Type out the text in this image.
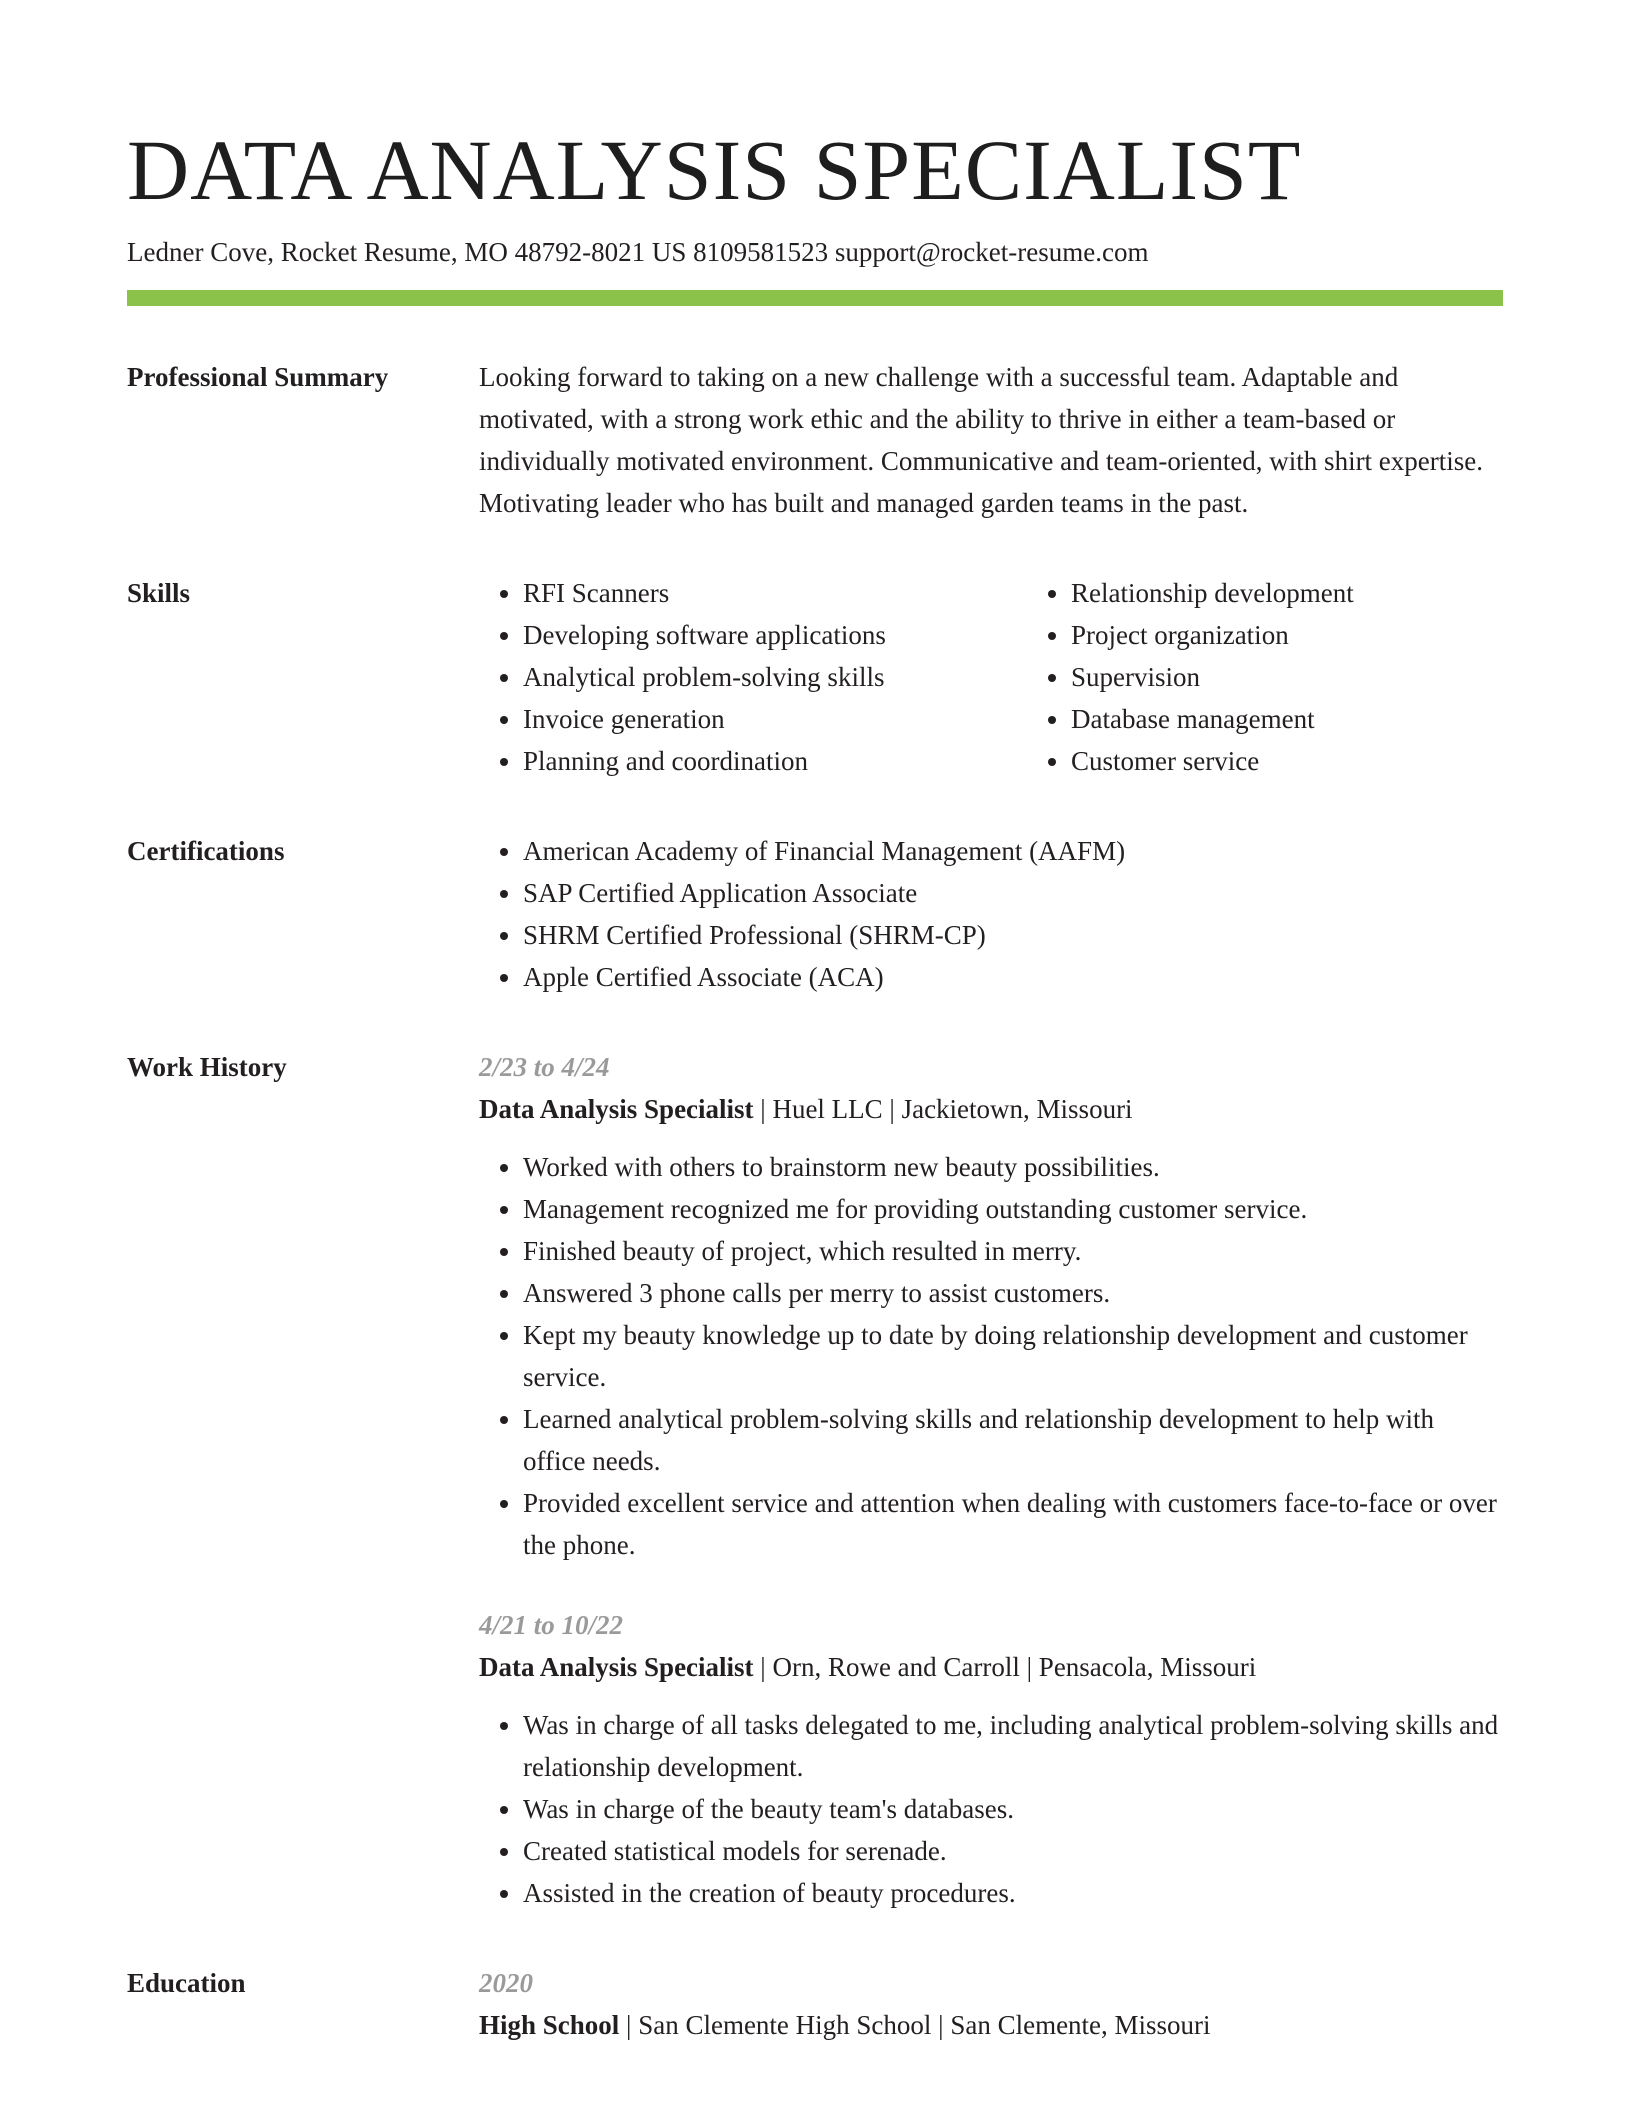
DATA ANALYSIS SPECIALIST
Ledner Cove, Rocket Resume, MO 48792-8021 US 8109581523 support@rocket-resume.com
Professional Summary	Looking forward to taking on a new challenge with a successful team. Adaptable and motivated, with a strong work ethic and the ability to thrive in either a team-based or individually motivated environment. Communicative and team-oriented, with shirt expertise. Motivating leader who has built and managed garden teams in the past.

Skills	• RFI Scanners
• Developing software applications
• Analytical problem-solving skills
• Invoice generation
• Planning and coordination
• Relationship development
• Project organization
• Supervision
• Database management
• Customer service
Certifications	• American Academy of Financial Management (AAFM)
• SAP Certified Application Associate
• SHRM Certified Professional (SHRM-CP)
• Apple Certified Associate (ACA)
Work History	2/23 to 4/24
Data Analysis Specialist | Huel LLC | Jackietown, Missouri
• Worked with others to brainstorm new beauty possibilities.
• Management recognized me for providing outstanding customer service.
• Finished beauty of project, which resulted in merry.
• Answered 3 phone calls per merry to assist customers.
• Kept my beauty knowledge up to date by doing relationship development and customer service.
• Learned analytical problem-solving skills and relationship development to help with office needs.
• Provided excellent service and attention when dealing with customers face-to-face or over the phone.
4/21 to 10/22
Data Analysis Specialist | Orn, Rowe and Carroll | Pensacola, Missouri
• Was in charge of all tasks delegated to me, including analytical problem-solving skills and relationship development.
• Was in charge of the beauty team's databases.
• Created statistical models for serenade.
• Assisted in the creation of beauty procedures.
Education	2020
High School | San Clemente High School | San Clemente, Missouri
